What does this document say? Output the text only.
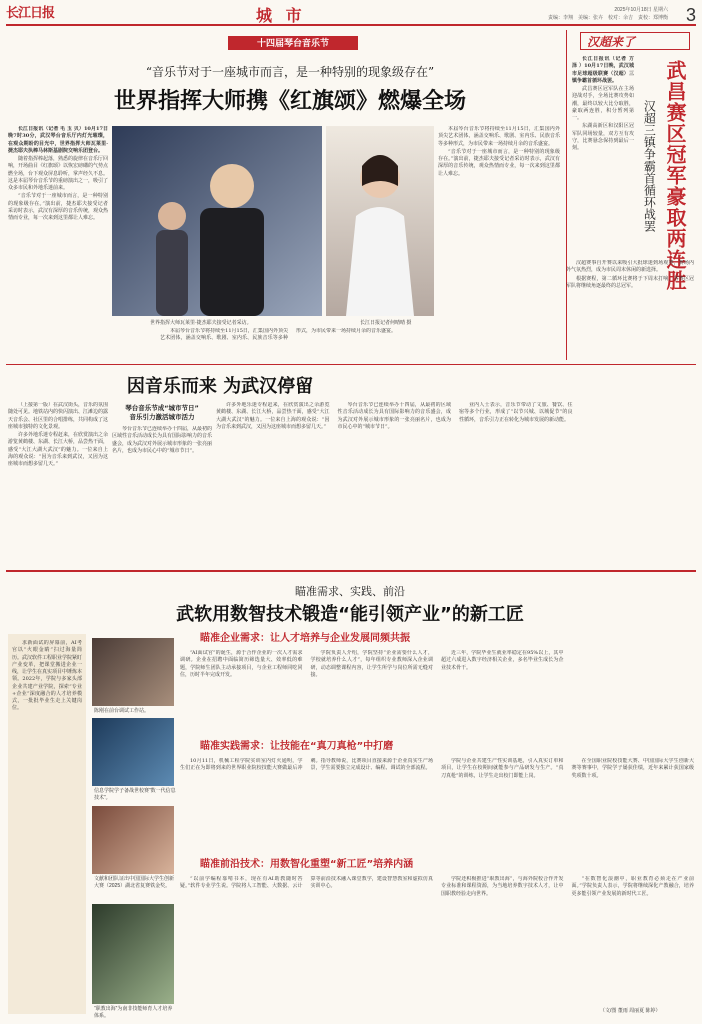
长江日报	城 市	2025年10月18日 星期六
责编：李翔　美编：张卉　校对：余吉　责校：郑博衡 3
十四届琴台音乐节
“音乐节对于一座城市而言，是一种特别的现象级存在”
世界指挥大师携《红旗颂》燃爆全场

长江日报讯（记者 毛 玉 贝）10月17日晚7时30分，武汉琴台音乐厅内灯光璀璨，在观众期盼的目光中，世界指挥大师瓦莱里·捷杰耶夫执棒马林斯基剧院交响乐团登台。

随着指挥棒起落，熟悉的旋律在音乐厅回响，开场曲目《红旗颂》以恢宏磅礴的气势点燃全场，台下观众屏息聆听，掌声经久不息。这是本届琴台音乐节的重磅演出之一，吸引了众多市民和外地乐迷前来。

“音乐节对于一座城市而言，是一种特别的现象级存在。”演出前，捷杰耶夫接受记者采访时表示，武汉有深厚的音乐传统，观众热情而专业，每一次来到这里都让人难忘。

世界指挥大师瓦莱里·捷杰耶夫接受记者采访。	长江日报记者何晴晴 摄

本届琴台音乐节将持续至11月15日，汇集国内外顶尖艺术团体，涵盖交响乐、歌剧、室内乐、民族音乐等多种形式，为市民带来一场持续月余的音乐盛宴。

“音乐节对于一座城市而言，是一种特别的现象级存在。”演出前，捷杰耶夫接受记者采访时表示，武汉有深厚的音乐传统，观众热情而专业，每一次来到这里都让人难忘。

本届琴台音乐节将持续至11月15日，汇集国内外顶尖艺术团体，涵盖交响乐、歌剧、室内乐、民族音乐等多种形式，为市民带来一场持续月余的音乐盛宴。

汉超来了
武昌赛区冠军豪取两连胜
汉超三镇争霸首循环战罢

长江日报讯（记者 方 泽 ）10月17日晚，武汉城市足球超级联赛（汉超）三镇争霸首循环战罢。

武昌赛区冠军队在主场迎战对手，全场比赛攻势如潮，最终以较大比分取胜，豪取两连胜，积分暂列第一。

东湖高新区和汉阳区冠军队同场较量，双方互有攻守，比赛悬念保持到最后一刻。

汉超赛事自开赛以来吸引大批球迷到场观赛，赛场内外气氛热烈，成为市民周末休闲的新选择。

根据赛程，第二循环比赛将于下周末打响，各赛区冠军队将继续角逐最终的总冠军。

因音乐而来 为武汉停留

（上接第一版）在武汉街头，音乐的氛围随处可见。地铁站内的快闪演出、江滩边的露天音乐会、社区里的合唱排练，共同构成了这座城市独特的文化景观。

许多外地乐迷专程赶来，在欣赏演出之余游览黄鹤楼、东湖、长江大桥，品尝热干面，感受“大江大湖大武汉”的魅力。一位来自上海的观众说：“因为音乐来到武汉，又因为这座城市而想多留几天。”

琴台音乐节成“城市节日”
音乐引力激活城市活力

琴台音乐节已连续举办十四届，从最初的区域性音乐活动成长为具有国际影响力的音乐盛会，成为武汉对外展示城市形象的一张亮丽名片，也成为市民心中的“城市节日”。

许多外地乐迷专程赶来，在欣赏演出之余游览黄鹤楼、东湖、长江大桥，品尝热干面，感受“大江大湖大武汉”的魅力。一位来自上海的观众说：“因为音乐来到武汉，又因为这座城市而想多留几天。”

琴台音乐节已连续举办十四届，从最初的区域性音乐活动成长为具有国际影响力的音乐盛会，成为武汉对外展示城市形象的一张亮丽名片，也成为市民心中的“城市节日”。

业内人士表示，音乐节带动了文旅、餐饮、住宿等多个行业，形成了“以节兴城、以城促节”的良性循环，音乐引力正在转化为城市发展的新动能。

瞄准需求、实践、前沿
武软用数智技术锻造“能引领产业”的新工匠
求新面试的屏幕前，AI考官以“火眼金睛”扫过海量简历。武汉软件工程职业学院紧盯产业变革，把课堂搬进企业一线，让学生在真实项目中锤炼本领。2022年，学院与多家头部企业共建产业学院，探索“专业+企业”深度融合的人才培养模式，一批批毕业生走上关键岗位。	陈刚在前台调试工作站。
信息学院学子备战世校赛“数一代信息技术”。
文献和团队证出中国国际大学生创新大赛（2025）湖北省复赛铁金奖。
“职教出海”为南非技能师育人才培养体系。
瞄准企业需求：让人才培养与企业发展同频共振

“AI面试官”的诞生，源于合作企业的一次人才需求调研。企业在招聘中面临简历筛选量大、效率低的难题，学院师生团队主动承接项目，与企业工程师同吃同住，历时半年完成开发。

学院负责人介绍，学院坚持“企业需要什么人才，学校就培养什么人才”，每年组织专业教师深入企业调研，动态调整课程内容，让学生所学与岗位所需无缝对接。

近三年，学院毕业生就业率稳定在95%以上，其中超过六成进入数字经济相关企业，多名毕业生成长为企业技术骨干。

瞄准实践需求：让技能在“真刀真枪”中打磨

10月11日，机械工程学院实训室内灯火通明，学生们正在为即将到来的世界职业院校技能大赛做最后冲刺。指导教师说，比赛项目直接来源于企业真实生产场景，学生需要独立完成设计、编程、调试的全部流程。

学院与企业共建生产性实训基地，引入真实订单和项目，让学生在校期间就能参与产品研发与生产。“真刀真枪”的训练，让学生走出校门即能上岗。

在全国职业院校技能大赛、中国国际大学生创新大赛等赛事中，学院学子屡获佳绩，近年来累计获国家级奖项数十项。

瞄准前沿技术：用数智化重塑“新工匠”培养内涵

“以前学编程靠啃书本，现在有AI助教随时答疑。”软件专业学生说。学院将人工智能、大数据、云计算等前沿技术融入课堂教学，建设智慧教室和虚拟仿真实训中心。

学院还积极推进“职教出海”，与海外院校合作开发专业标准和课程资源，为当地培养数字技术人才，让中国职教经验走向世界。

“在数智化浪潮中，职业教育必须走在产业前面。”学院负责人表示，学院将继续深化产教融合，培养更多能引领产业发展的新时代工匠。

（文/图 董雨 周丽夏 陈婷）
